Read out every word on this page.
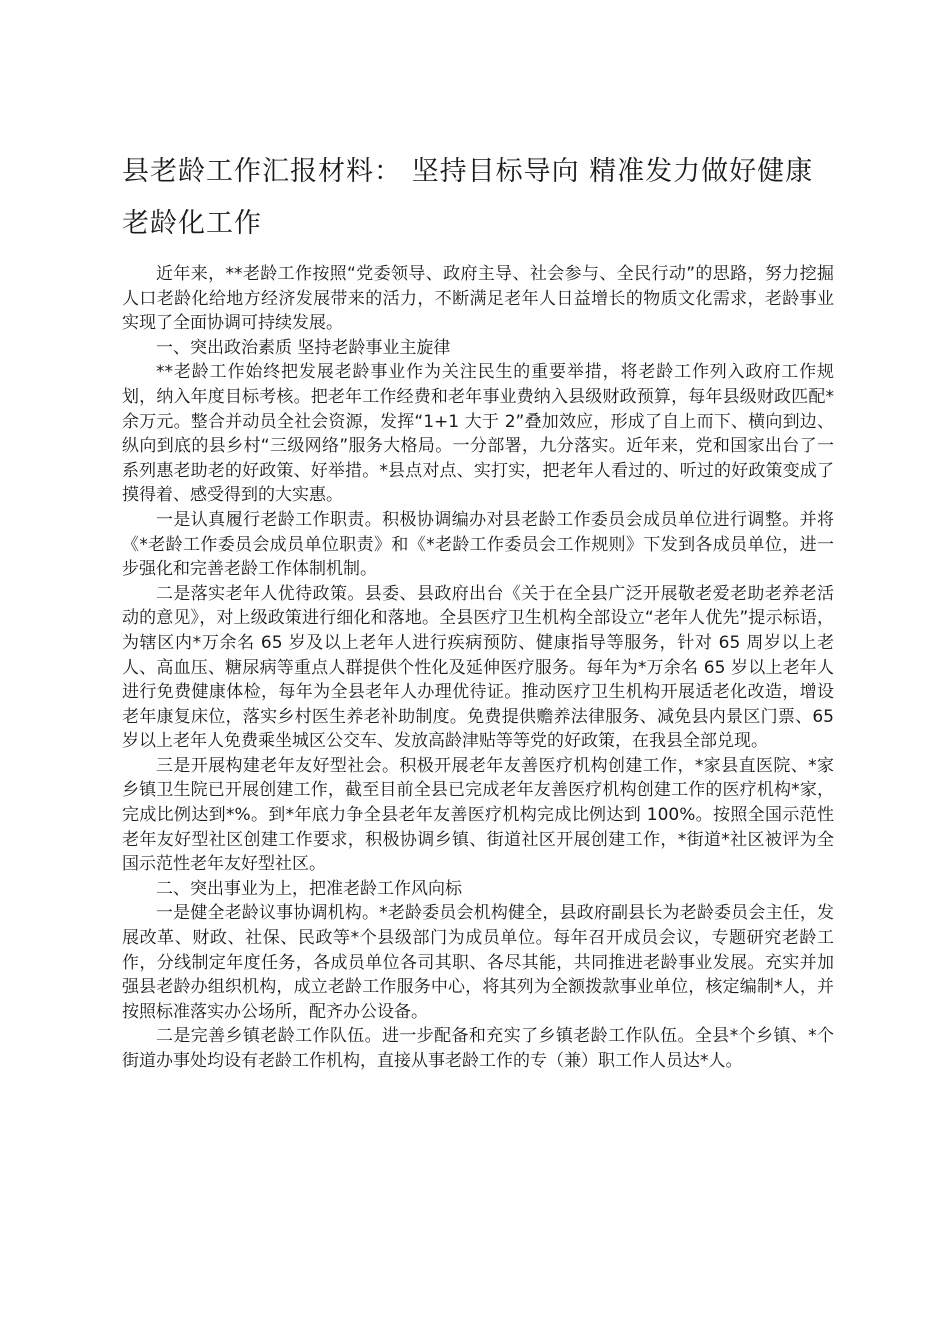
县老龄工作汇报材料： 坚持目标导向 精准发力做好健康老龄化工作

近年来，**老龄工作按照“党委领导、政府主导、社会参与、全民行动”的思路，努力挖掘人口老龄化给地方经济发展带来的活力，不断满足老年人日益增长的物质文化需求，老龄事业实现了全面协调可持续发展。

一、突出政治素质 坚持老龄事业主旋律

**老龄工作始终把发展老龄事业作为关注民生的重要举措，将老龄工作列入政府工作规划，纳入年度目标考核。把老年工作经费和老年事业费纳入县级财政预算，每年县级财政匹配*余万元。整合并动员全社会资源，发挥“1+1 大于 2”叠加效应，形成了自上而下、横向到边、纵向到底的县乡村“三级网络”服务大格局。一分部署，九分落实。近年来，党和国家出台了一系列惠老助老的好政策、好举措。*县点对点、实打实，把老年人看过的、听过的好政策变成了摸得着、感受得到的大实惠。

一是认真履行老龄工作职责。积极协调编办对县老龄工作委员会成员单位进行调整。并将《*老龄工作委员会成员单位职责》和《*老龄工作委员会工作规则》下发到各成员单位，进一步强化和完善老龄工作体制机制。

二是落实老年人优待政策。县委、县政府出台《关于在全县广泛开展敬老爱老助老养老活动的意见》，对上级政策进行细化和落地。全县医疗卫生机构全部设立“老年人优先”提示标语，为辖区内*万余名 65 岁及以上老年人进行疾病预防、健康指导等服务，针对 65 周岁以上老人、高血压、糖尿病等重点人群提供个性化及延伸医疗服务。每年为*万余名 65 岁以上老年人进行免费健康体检，每年为全县老年人办理优待证。推动医疗卫生机构开展适老化改造，增设老年康复床位，落实乡村医生养老补助制度。免费提供赡养法律服务、减免县内景区门票、65 岁以上老年人免费乘坐城区公交车、发放高龄津贴等等党的好政策，在我县全部兑现。

三是开展构建老年友好型社会。积极开展老年友善医疗机构创建工作，*家县直医院、*家乡镇卫生院已开展创建工作，截至目前全县已完成老年友善医疗机构创建工作的医疗机构*家，完成比例达到*%。到*年底力争全县老年友善医疗机构完成比例达到 100%。按照全国示范性老年友好型社区创建工作要求，积极协调乡镇、街道社区开展创建工作，*街道*社区被评为全国示范性老年友好型社区。

二、突出事业为上，把准老龄工作风向标

一是健全老龄议事协调机构。*老龄委员会机构健全，县政府副县长为老龄委员会主任，发展改革、财政、社保、民政等*个县级部门为成员单位。每年召开成员会议，专题研究老龄工作，分线制定年度任务，各成员单位各司其职、各尽其能，共同推进老龄事业发展。充实并加强县老龄办组织机构，成立老龄工作服务中心，将其列为全额拨款事业单位，核定编制*人，并按照标准落实办公场所，配齐办公设备。

二是完善乡镇老龄工作队伍。进一步配备和充实了乡镇老龄工作队伍。全县*个乡镇、*个街道办事处均设有老龄工作机构，直接从事老龄工作的专（兼）职工作人员达*人。
